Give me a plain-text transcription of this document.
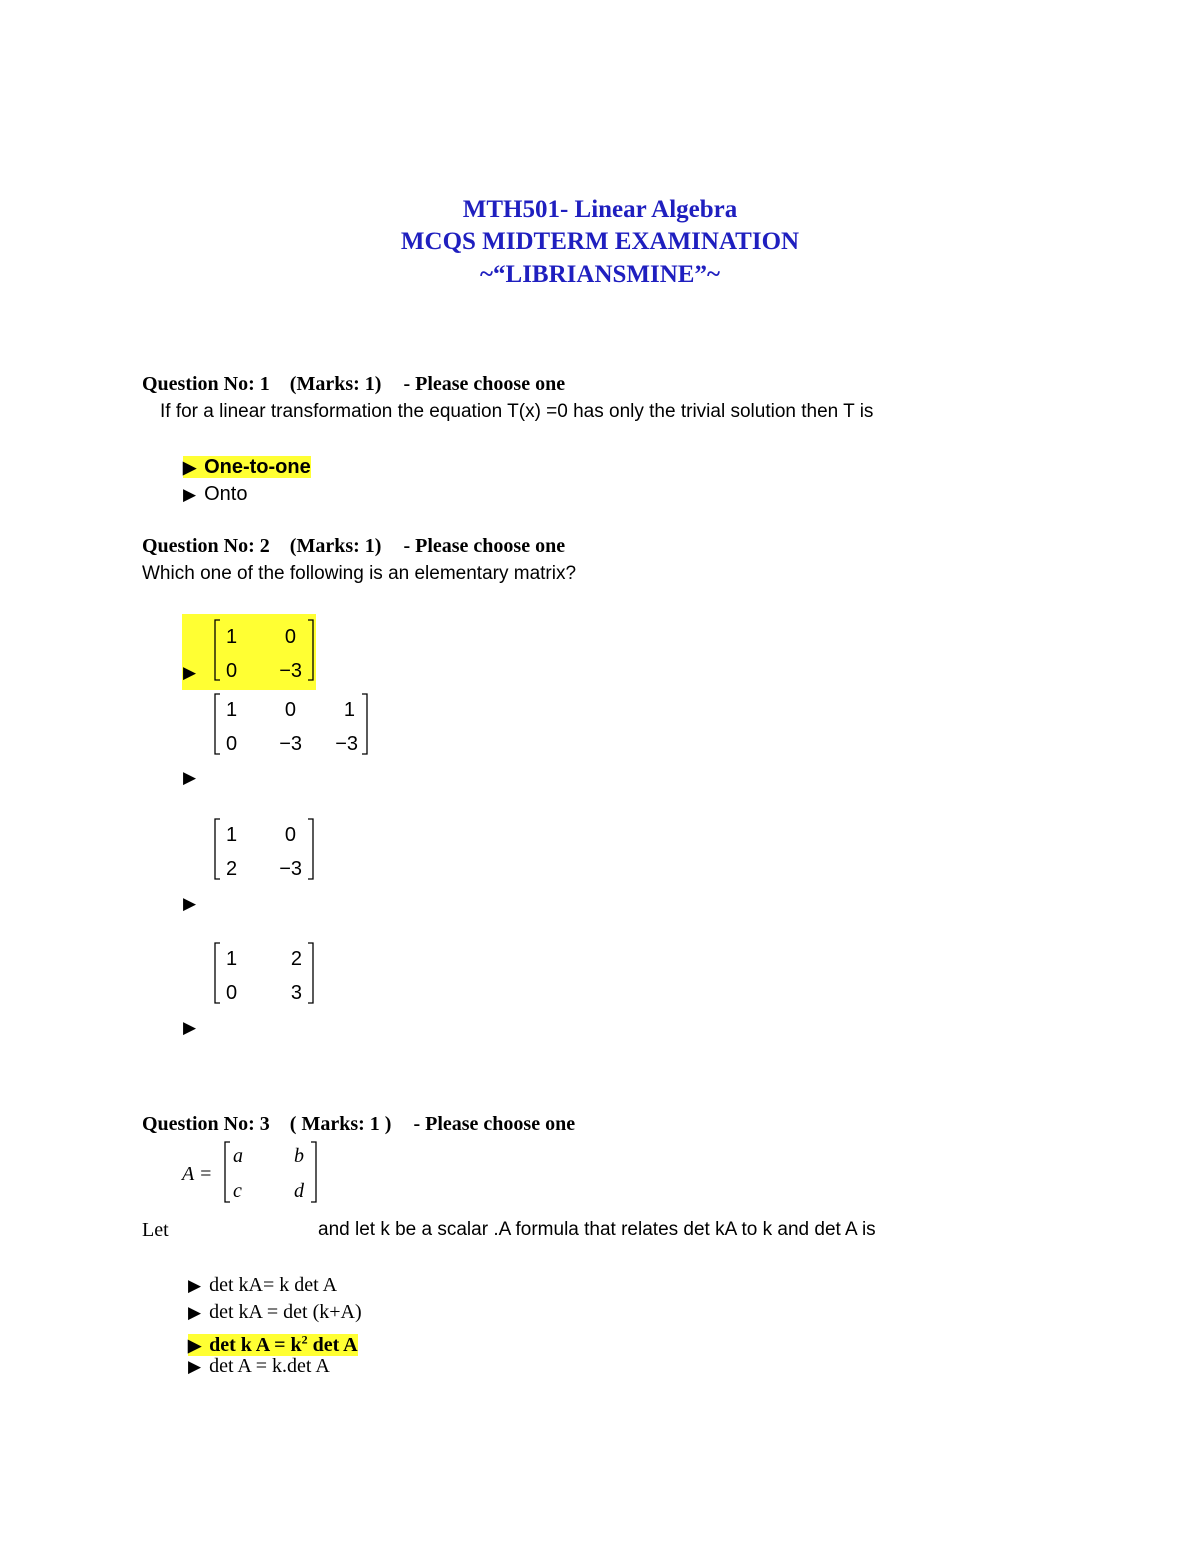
MTH501- Linear Algebra
MCQS MIDTERM EXAMINATION
~“LIBRIANSMINE”~
Question No: 1 (Marks: 1) - Please choose one
If for a linear transformation the equation T(x) =0 has only the trivial solution then T is
▶ One-to-one
▶ Onto
Question No: 2 (Marks: 1) - Please choose one
Which one of the following is an elementary matrix?
▶
1 0
0 −3
1 0 1
0 −3 −3
▶
1 0
2 −3
▶
1	2
0	3
▶
Question No: 3 ( Marks: 1 ) - Please choose one
A =
a	b
c	d
Let	and let k be a scalar .A formula that relates det kA to k and det A is
▶ det kA= k det A
▶ det kA = det (k+A)
▶ det k $A = k^2$ det A
▶ det A = k.det A
